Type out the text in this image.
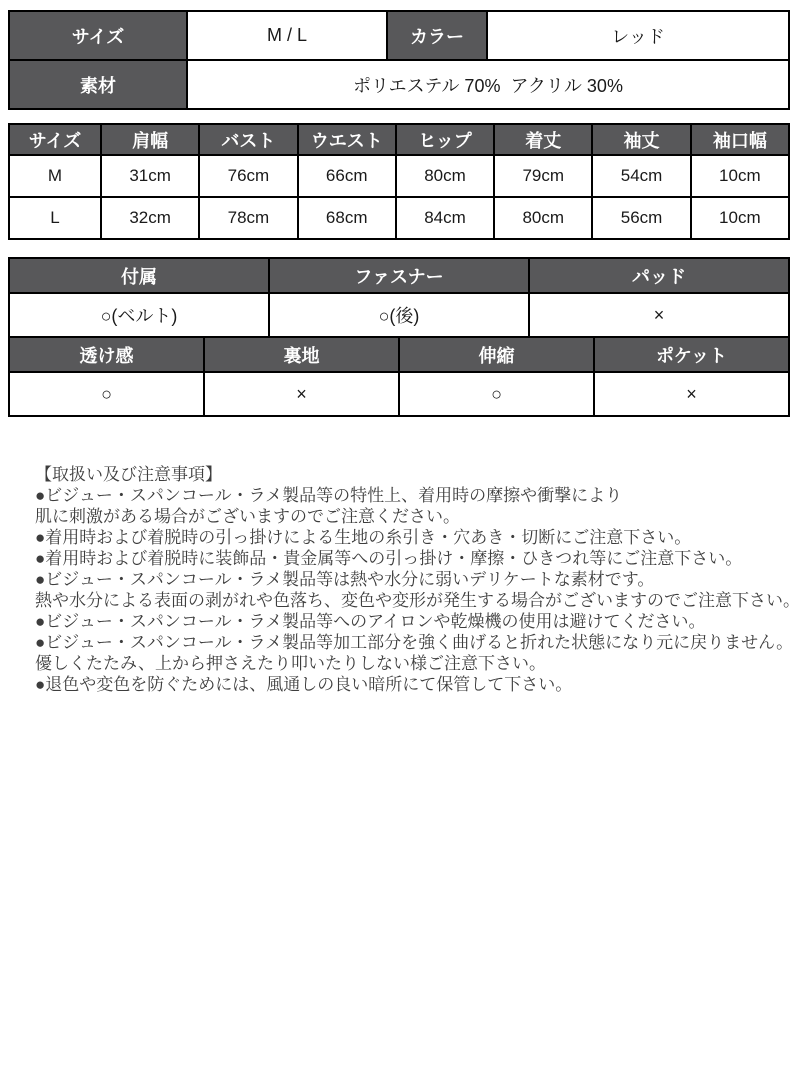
サイズ	M / L	カラー	レッド
素材	ポリエステル 70%  アクリル 30%		
サイズ	肩幅	バスト	ウエスト	ヒップ	着丈	袖丈	袖口幅
M	31cm	76cm	66cm	80cm	79cm	54cm	10cm
L	32cm	78cm	68cm	84cm	80cm	56cm	10cm
付属	ファスナー	パッド
○(ベルト)	○(後)	×
透け感	裏地	伸縮	ポケット
○	×	○	×
【取扱い及び注意事項】
●ビジュー・スパンコール・ラメ製品等の特性上、着用時の摩擦や衝撃により
肌に刺激がある場合がございますのでご注意ください。
●着用時および着脱時の引っ掛けによる生地の糸引き・穴あき・切断にご注意下さい。
●着用時および着脱時に装飾品・貴金属等への引っ掛け・摩擦・ひきつれ等にご注意下さい。
●ビジュー・スパンコール・ラメ製品等は熱や水分に弱いデリケートな素材です。
熱や水分による表面の剥がれや色落ち、変色や変形が発生する場合がございますのでご注意下さい。
●ビジュー・スパンコール・ラメ製品等へのアイロンや乾燥機の使用は避けてください。
●ビジュー・スパンコール・ラメ製品等加工部分を強く曲げると折れた状態になり元に戻りません。
優しくたたみ、上から押さえたり叩いたりしない様ご注意下さい。
●退色や変色を防ぐためには、風通しの良い暗所にて保管して下さい。
